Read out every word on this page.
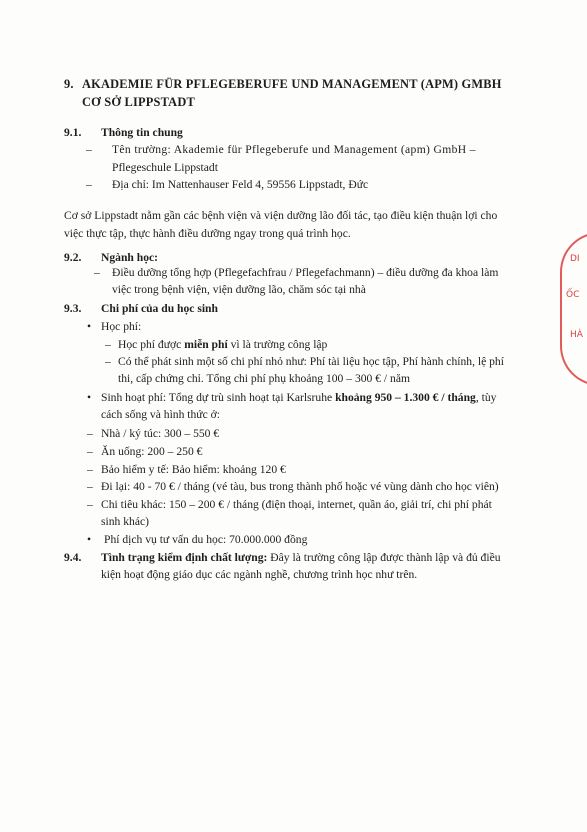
9. AKADEMIE FÜR PFLEGEBERUFE UND MANAGEMENT (APM) GMBH
CƠ SỞ LIPPSTADT
9.1. Thông tin chung
– Tên trường: Akademie für Pflegeberufe und Management (apm) GmbH –
Pflegeschule Lippstadt
– Địa chỉ: Im Nattenhauser Feld 4, 59556 Lippstadt, Đức
Cơ sở Lippstadt nằm gần các bệnh viện và viện dưỡng lão đối tác, tạo điều kiện thuận lợi cho
việc thực tập, thực hành điều dưỡng ngay trong quá trình học.
9.2. Ngành học:
– Điều dưỡng tổng hợp (Pflegefachfrau / Pflegefachmann) – điều dưỡng đa khoa làm
việc trong bệnh viện, viện dưỡng lão, chăm sóc tại nhà
9.3. Chi phí của du học sinh
• Học phí:
– Học phí được miễn phí vì là trường công lập
– Có thể phát sinh một số chi phí nhỏ như: Phí tài liệu học tập, Phí hành chính, lệ phí
thi, cấp chứng chỉ. Tổng chi phí phụ khoảng 100 – 300 € / năm
• Sinh hoạt phí: Tổng dự trù sinh hoạt tại Karlsruhe khoảng 950 – 1.300 € / tháng, tùy
cách sống và hình thức ở:
– Nhà / ký túc: 300 – 550 €
– Ăn uống: 200 – 250 €
– Bảo hiểm y tế: Bảo hiểm: khoảng 120 €
– Đi lại: 40 - 70 € / tháng (vé tàu, bus trong thành phố hoặc vé vùng dành cho học viên)
– Chi tiêu khác: 150 – 200 € / tháng (điện thoại, internet, quần áo, giải trí, chi phí phát
sinh khác)
• Phí dịch vụ tư vấn du học: 70.000.000 đồng
9.4. Tình trạng kiểm định chất lượng: Đây là trường công lập được thành lập và đủ điều
kiện hoạt động giáo dục các ngành nghề, chương trình học như trên.
DI
ỐC
HÀ
